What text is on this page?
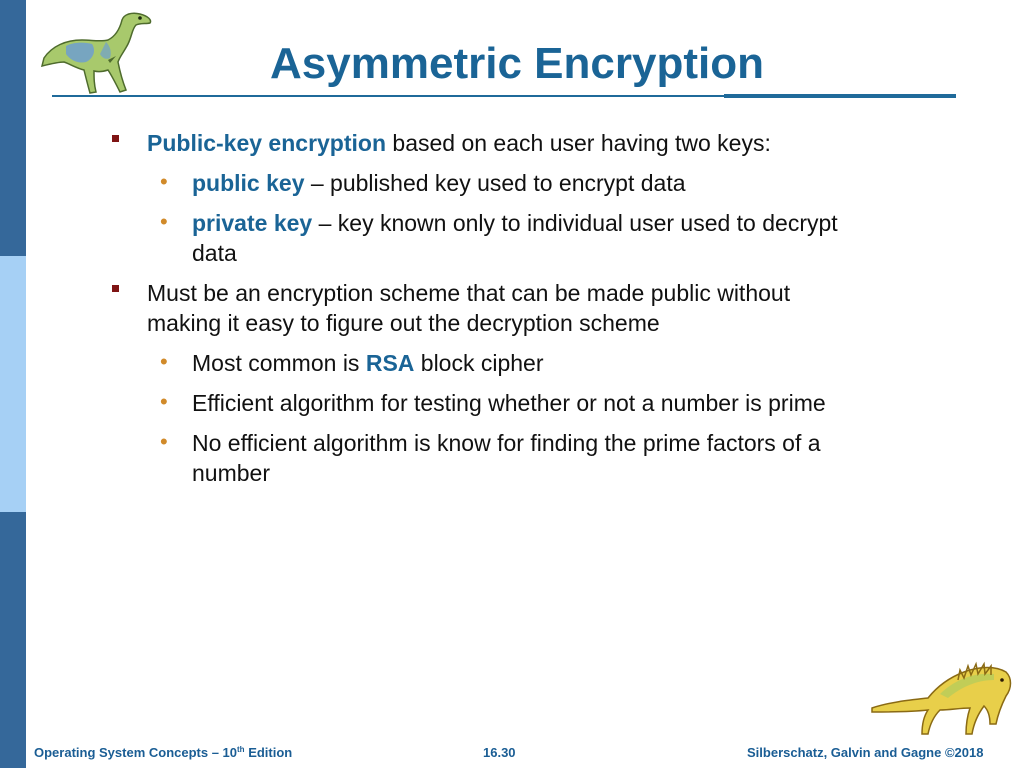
Asymmetric Encryption
Public-key encryption based on each user having two keys:
• public key – published key used to encrypt data
• private key – key known only to individual user used to decrypt
data
Must be an encryption scheme that can be made public without
making it easy to figure out the decryption scheme
• Most common is RSA block cipher
• Efficient algorithm for testing whether or not a number is prime
• No efficient algorithm is know for finding the prime factors of a
number
Operating System Concepts – 10th Edition	16.30	Silberschatz, Galvin and Gagne ©2018
